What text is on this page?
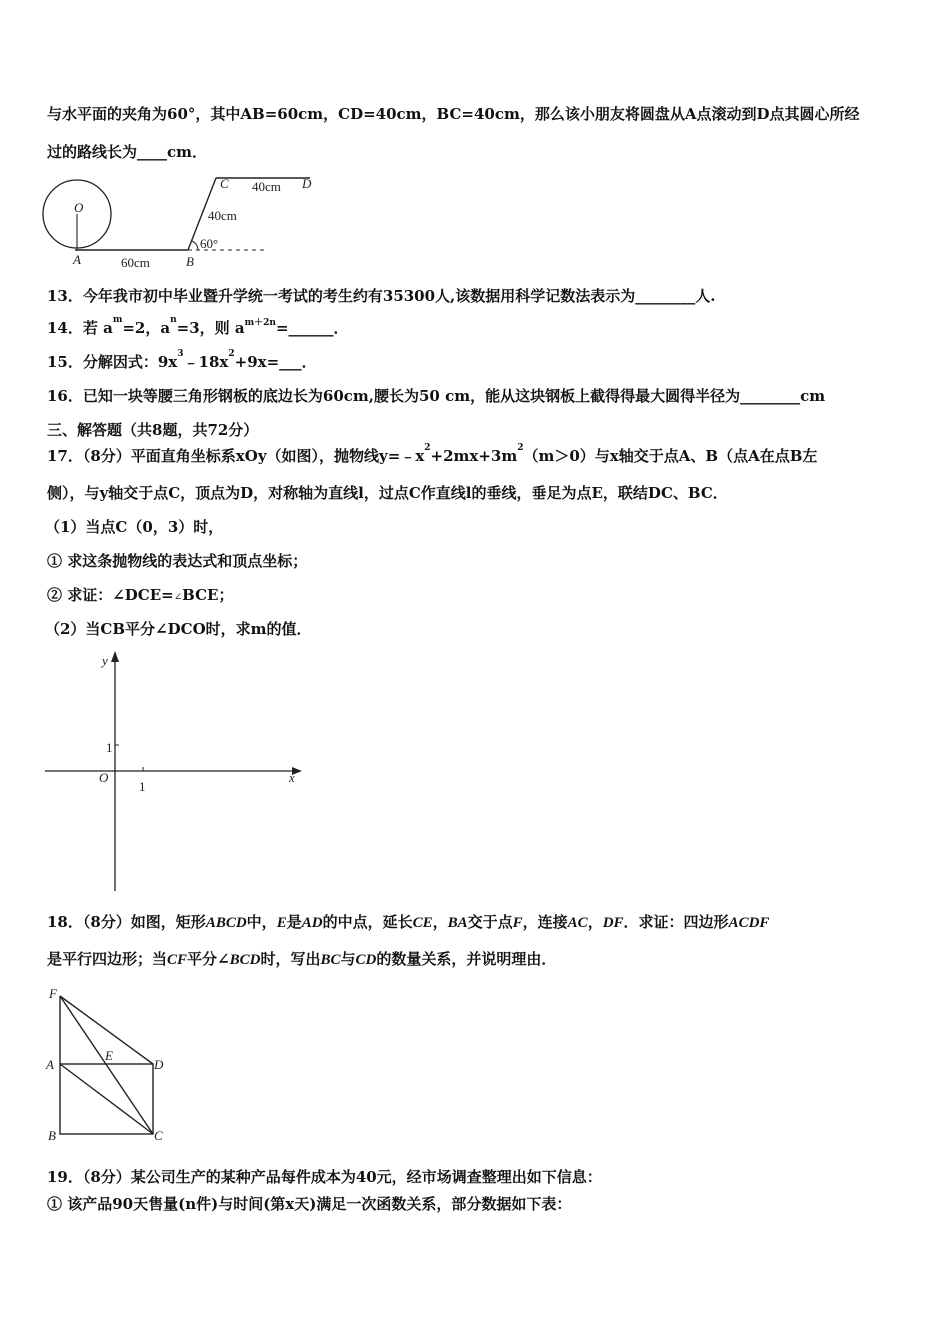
与水平面的夹角为60°，其中AB=60cm，CD=40cm，BC=40cm，那么该小朋友将圆盘从A点滚动到D点其圆心所经
过的路线长为____cm．
O
A	B
C	D
60cm
40cm
40cm
60°
13．今年我市初中毕业暨升学统一考试的考生约有35300人,该数据用科学记数法表示为________人.
14．若 $a^m=2$，$a^n=3$，则 $a^{m+2n}=\_\_\_\_\_\_$．
15．分解因式：$9x^3﹣18x^2+9x=\_\_\_$．
16．已知一块等腰三角形钢板的底边长为60cm,腰长为50 cm，能从这块钢板上截得得最大圆得半径为________cm
三、解答题（共8题，共72分）
17．（8分）平面直角坐标系xOy（如图），抛物线$y=﹣x^2+2mx+3m^2(m>0)$与x轴交于点A、B（点A在点B左
侧），与y轴交于点C，顶点为D，对称轴为直线l，过点C作直线l的垂线，垂足为点E，联结DC、BC．
（1）当点C（0，3）时，
① 求这条抛物线的表达式和顶点坐标；
② 求证：∠DCE=∠BCE；
（2）当CB平分∠DCO时，求m的值．
y
x
O
1
1
18．（8分）如图，矩形ABCD中，E是AD的中点，延长CE，BA交于点F，连接AC，DF．求证：四边形ACDF
是平行四边形；当CF平分∠BCD时，写出BC与CD的数量关系，并说明理由．
F
A
E
D
B	C
19．（8分）某公司生产的某种产品每件成本为40元，经市场调查整理出如下信息：
① 该产品90天售量(n件)与时间(第x天)满足一次函数关系，部分数据如下表：
